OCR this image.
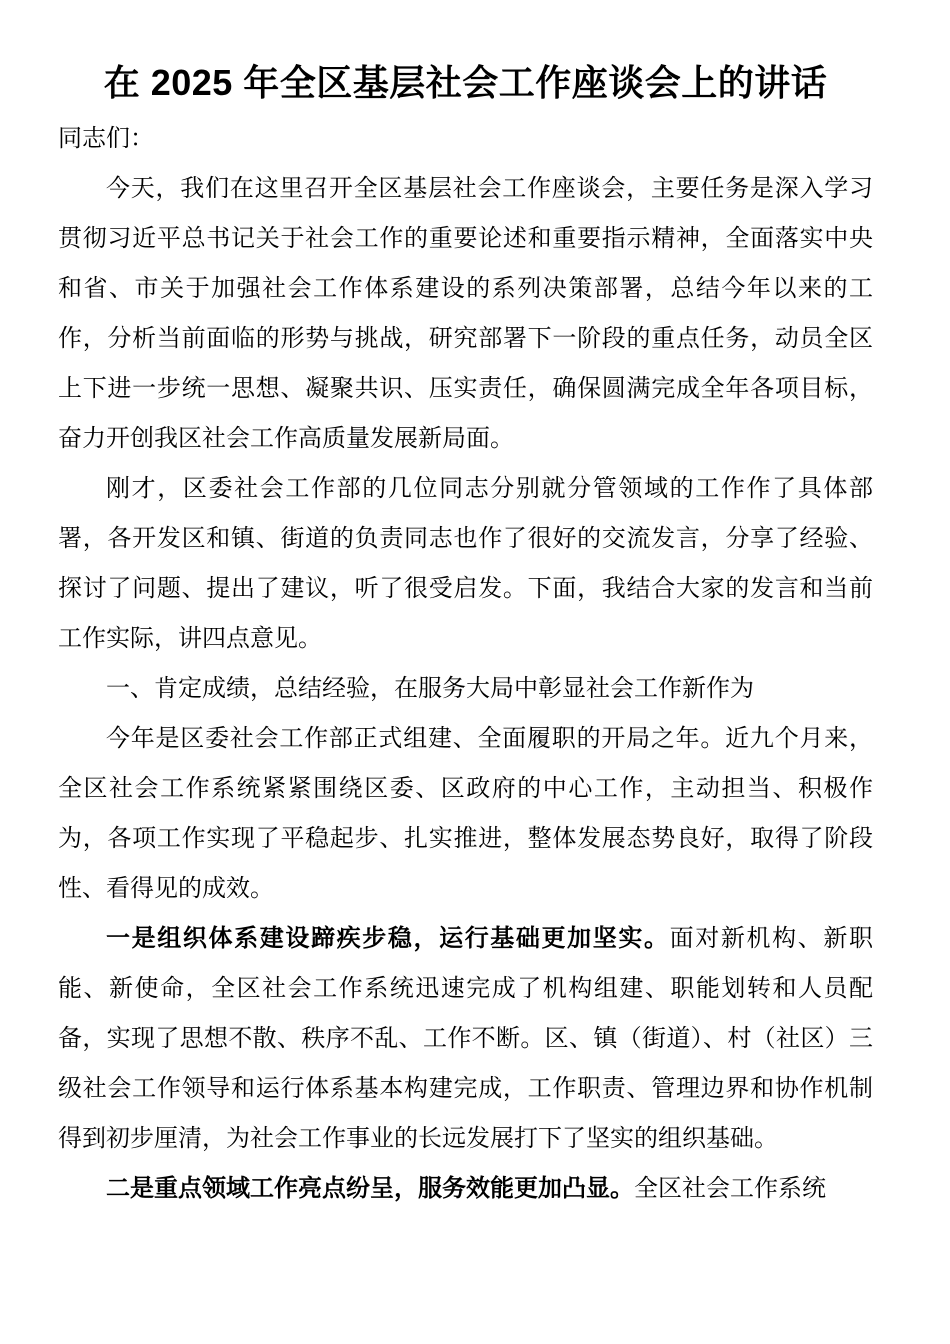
在 2025 年全区基层社会工作座谈会上的讲话

同志们：

今天，我们在这里召开全区基层社会工作座谈会，主要任务是深入学习贯彻习近平总书记关于社会工作的重要论述和重要指示精神，全面落实中央和省、市关于加强社会工作体系建设的系列决策部署，总结今年以来的工作，分析当前面临的形势与挑战，研究部署下一阶段的重点任务，动员全区上下进一步统一思想、凝聚共识、压实责任，确保圆满完成全年各项目标，奋力开创我区社会工作高质量发展新局面。

刚才，区委社会工作部的几位同志分别就分管领域的工作作了具体部署，各开发区和镇、街道的负责同志也作了很好的交流发言，分享了经验、探讨了问题、提出了建议，听了很受启发。下面，我结合大家的发言和当前工作实际，讲四点意见。

一、肯定成绩，总结经验，在服务大局中彰显社会工作新作为

今年是区委社会工作部正式组建、全面履职的开局之年。近九个月来，全区社会工作系统紧紧围绕区委、区政府的中心工作，主动担当、积极作为，各项工作实现了平稳起步、扎实推进，整体发展态势良好，取得了阶段性、看得见的成效。

一是组织体系建设蹄疾步稳，运行基础更加坚实。面对新机构、新职能、新使命，全区社会工作系统迅速完成了机构组建、职能划转和人员配备，实现了思想不散、秩序不乱、工作不断。区、镇（街道）、村（社区）三级社会工作领导和运行体系基本构建完成，工作职责、管理边界和协作机制得到初步厘清，为社会工作事业的长远发展打下了坚实的组织基础。

二是重点领域工作亮点纷呈，服务效能更加凸显。全区社会工作系统
